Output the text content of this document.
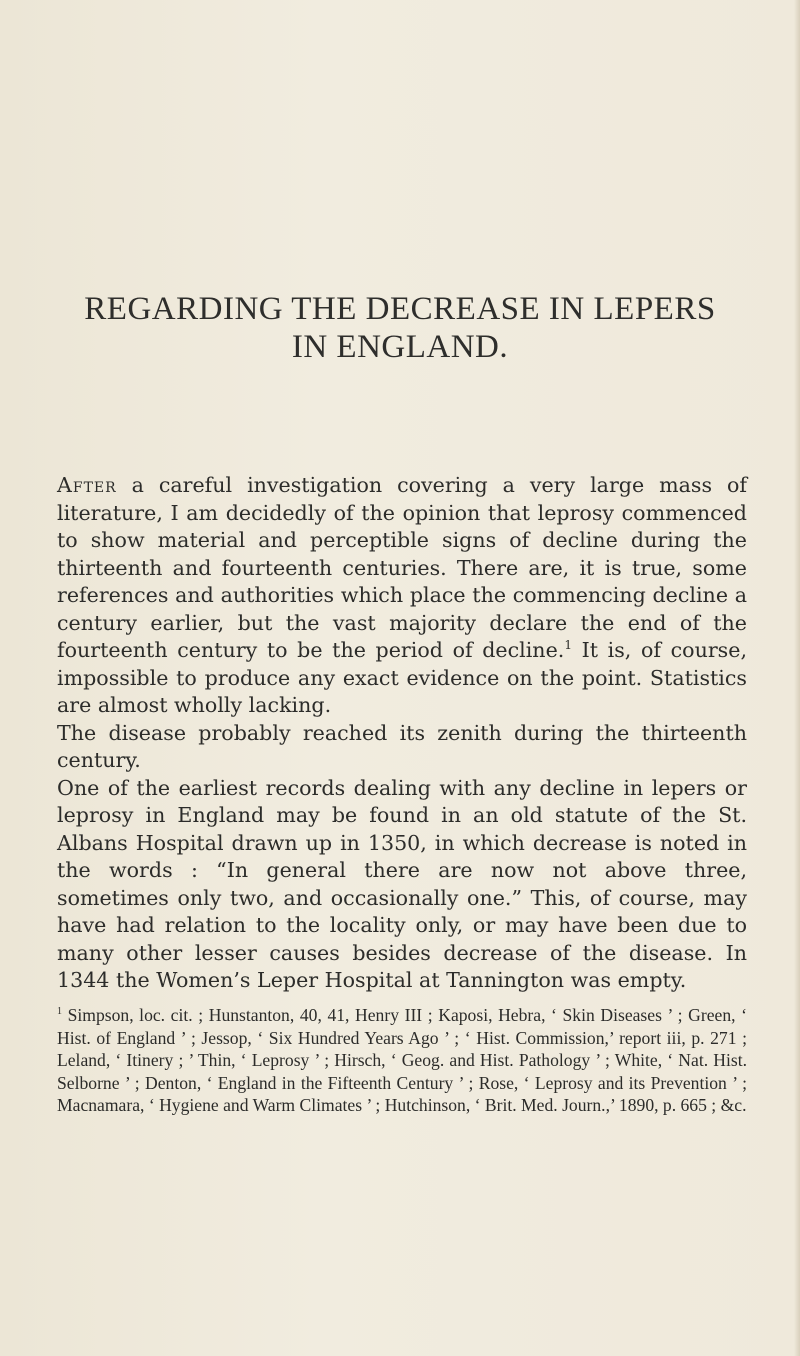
REGARDING THE DECREASE IN LEPERS
IN ENGLAND.

After a careful investigation covering a very large mass of literature, I am decidedly of the opinion that leprosy commenced to show material and perceptible signs of decline during the thirteenth and fourteenth centuries. There are, it is true, some references and authorities which place the commencing decline a century earlier, but the vast majority declare the end of the fourteenth century to be the period of decline.$^1$ It is, of course, impossible to produce any exact evidence on the point. Statistics are almost wholly lacking.

The disease probably reached its zenith during the thirteenth century.

One of the earliest records dealing with any decline in lepers or leprosy in England may be found in an old statute of the St. Albans Hospital drawn up in 1350, in which decrease is noted in the words : “In general there are now not above three, sometimes only two, and occasionally one.” This, of course, may have had relation to the locality only, or may have been due to many other lesser causes besides decrease of the disease. In 1344 the Women’s Leper Hospital at Tannington was empty.

$^1$ Simpson, loc. cit. ; Hunstanton, 40, 41, Henry III ; Kaposi, Hebra, ‘ Skin Diseases ’ ; Green, ‘ Hist. of England ’ ; Jessop, ‘ Six Hundred Years Ago ’ ; ‘ Hist. Commission,’ report iii, p. 271 ; Leland, ‘ Itinery ; ’ Thin, ‘ Leprosy ’ ; Hirsch, ‘ Geog. and Hist. Pathology ’ ; White, ‘ Nat. Hist. Selborne ’ ; Denton, ‘ England in the Fifteenth Century ’ ; Rose, ‘ Leprosy and its Prevention ’ ; Macnamara, ‘ Hygiene and Warm Climates ’ ; Hutchinson, ‘ Brit. Med. Journ.,’ 1890, p. 665 ; &c.
